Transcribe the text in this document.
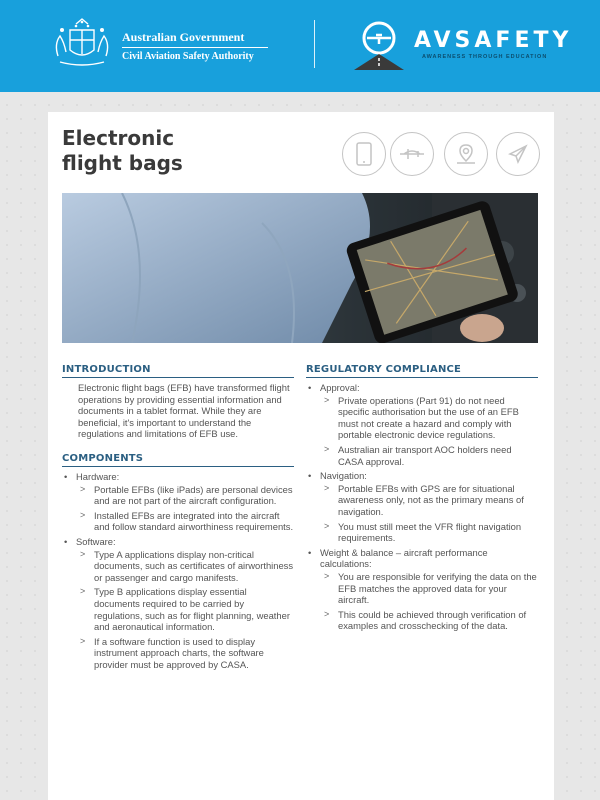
Australian Government
Civil Aviation Safety Authority
AVSAFETY
AWARENESS THROUGH EDUCATION
Electronic
flight bags
INTRODUCTION
Electronic flight bags (EFB) have transformed flight operations by providing essential information and documents in a tablet format. While they are beneficial, it's important to understand the regulations and limitations of EFB use.
COMPONENTS
• Hardware:
> Portable EFBs (like iPads) are personal devices and are not part of the aircraft configuration.
> Installed EFBs are integrated into the aircraft and follow standard airworthiness requirements.
• Software:
> Type A applications display non-critical documents, such as certificates of airworthiness or passenger and cargo manifests.
> Type B applications display essential documents required to be carried by regulations, such as for flight planning, weather and aeronautical information.
> If a software function is used to display instrument approach charts, the software provider must be approved by CASA.
REGULATORY COMPLIANCE
• Approval:
> Private operations (Part 91) do not need specific authorisation but the use of an EFB must not create a hazard and comply with portable electronic device regulations.
> Australian air transport AOC holders need CASA approval.
• Navigation:
> Portable EFBs with GPS are for situational awareness only, not as the primary means of navigation.
> You must still meet the VFR flight navigation requirements.
• Weight & balance – aircraft performance calculations:
> You are responsible for verifying the data on the EFB matches the approved data for your aircraft.
> This could be achieved through verification of examples and crosschecking of the data.
